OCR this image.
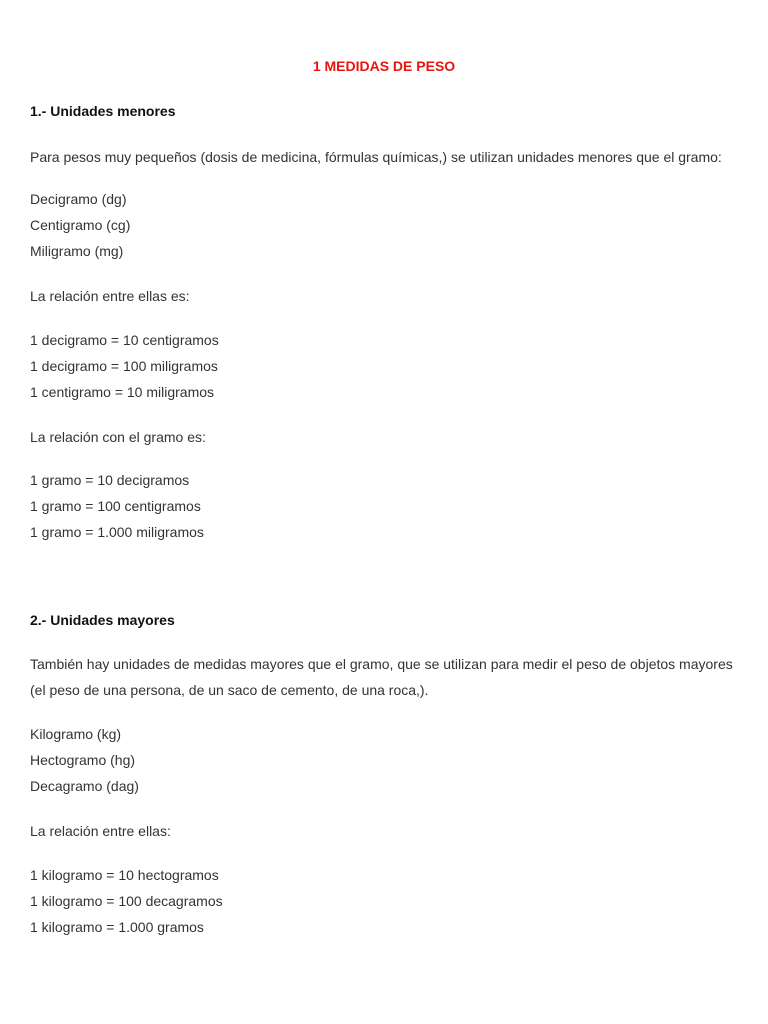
1 MEDIDAS DE PESO
1.- Unidades menores
Para pesos muy pequeños (dosis de medicina, fórmulas químicas,) se utilizan unidades menores que el gramo:
Decigramo (dg)
Centigramo (cg)
Miligramo (mg)
La relación entre ellas es:
1 decigramo = 10 centigramos
1 decigramo = 100 miligramos
1 centigramo = 10 miligramos
La relación con el gramo es:
1 gramo = 10 decigramos
1 gramo = 100 centigramos
1 gramo = 1.000 miligramos
2.- Unidades mayores
También hay unidades de medidas mayores que el gramo, que se utilizan para medir el peso de objetos mayores
(el peso de una persona, de un saco de cemento, de una roca,).
Kilogramo (kg)
Hectogramo (hg)
Decagramo (dag)
La relación entre ellas:
1 kilogramo = 10 hectogramos
1 kilogramo = 100 decagramos
1 kilogramo = 1.000 gramos
